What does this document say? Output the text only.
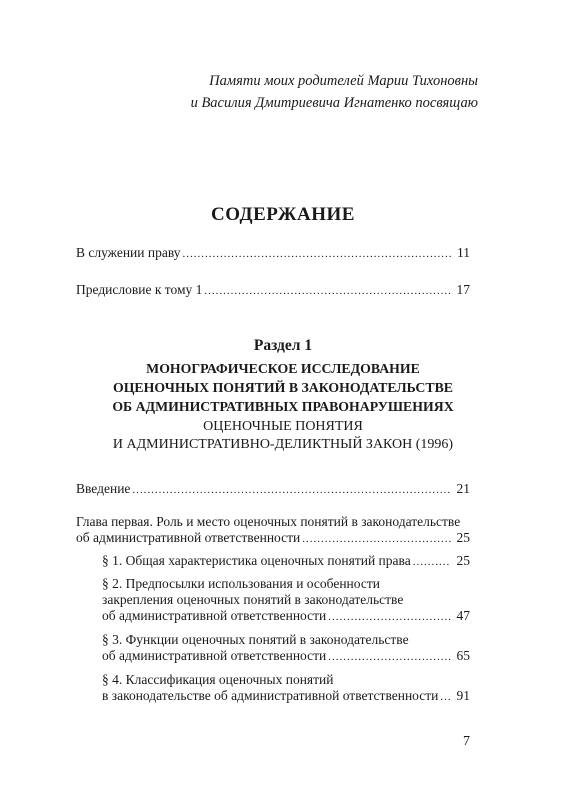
Памяти моих родителей Марии Тихоновны
и Василия Дмитриевича Игнатенко посвящаю
СОДЕРЖАНИЕ
В служении праву .....	11
Предисловие к тому 1 .....	17
Раздел 1
МОНОГРАФИЧЕСКОЕ ИССЛЕДОВАНИЕ
ОЦЕНОЧНЫХ ПОНЯТИЙ В ЗАКОНОДАТЕЛЬСТВЕ
ОБ АДМИНИСТРАТИВНЫХ ПРАВОНАРУШЕНИЯХ
ОЦЕНОЧНЫЕ ПОНЯТИЯ
И АДМИНИСТРАТИВНО-ДЕЛИКТНЫЙ ЗАКОН (1996)
Введение .....	21
Глава первая. Роль и место оценочных понятий в законодательстве
об административной ответственности .....	25
§ 1. Общая характеристика оценочных понятий права .....	25
§ 2. Предпосылки использования и особенности
закрепления оценочных понятий в законодательстве
об административной ответственности .....	47
§ 3. Функции оценочных понятий в законодательстве
об административной ответственности .....	65
§ 4. Классификация оценочных понятий
в законодательстве об административной ответственности ..... 91
7
